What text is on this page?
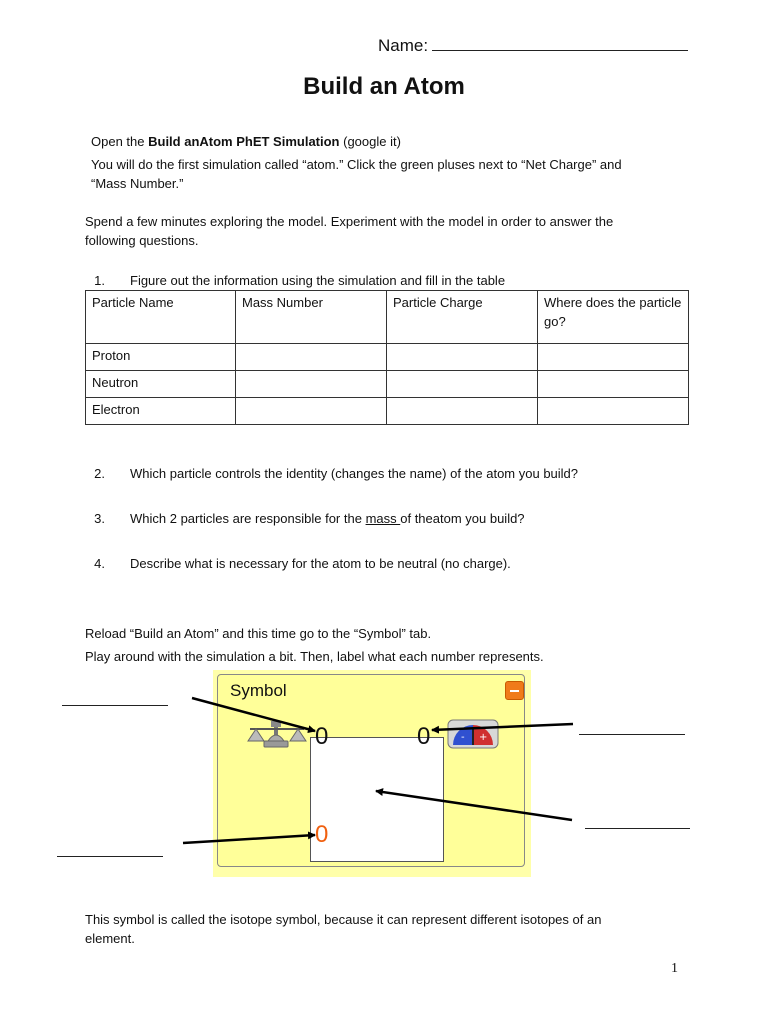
Name:
Build an Atom
Open the Build anAtom PhET Simulation (google it)
You will do the first simulation called “atom.” Click the green pluses next to “Net Charge” and
“Mass Number.”
Spend a few minutes exploring the model. Experiment with the model in order to answer the
following questions.
1. Figure out the information using the simulation and fill in the table
Particle Name	Mass Number	Particle Charge	Where does the particle go?
Proton			
Neutron			
Electron			
2. Which particle controls the identity (changes the name) of the atom you build?
3. Which 2 particles are responsible for the mass of theatom you build?
4. Describe what is necessary for the atom to be neutral (no charge).
Reload “Build an Atom” and this time go to the “Symbol” tab.
Play around with the simulation a bit. Then, label what each number represents.
Symbol
- +
0	0
0
This symbol is called the isotope symbol, because it can represent different isotopes of an
element.
1
